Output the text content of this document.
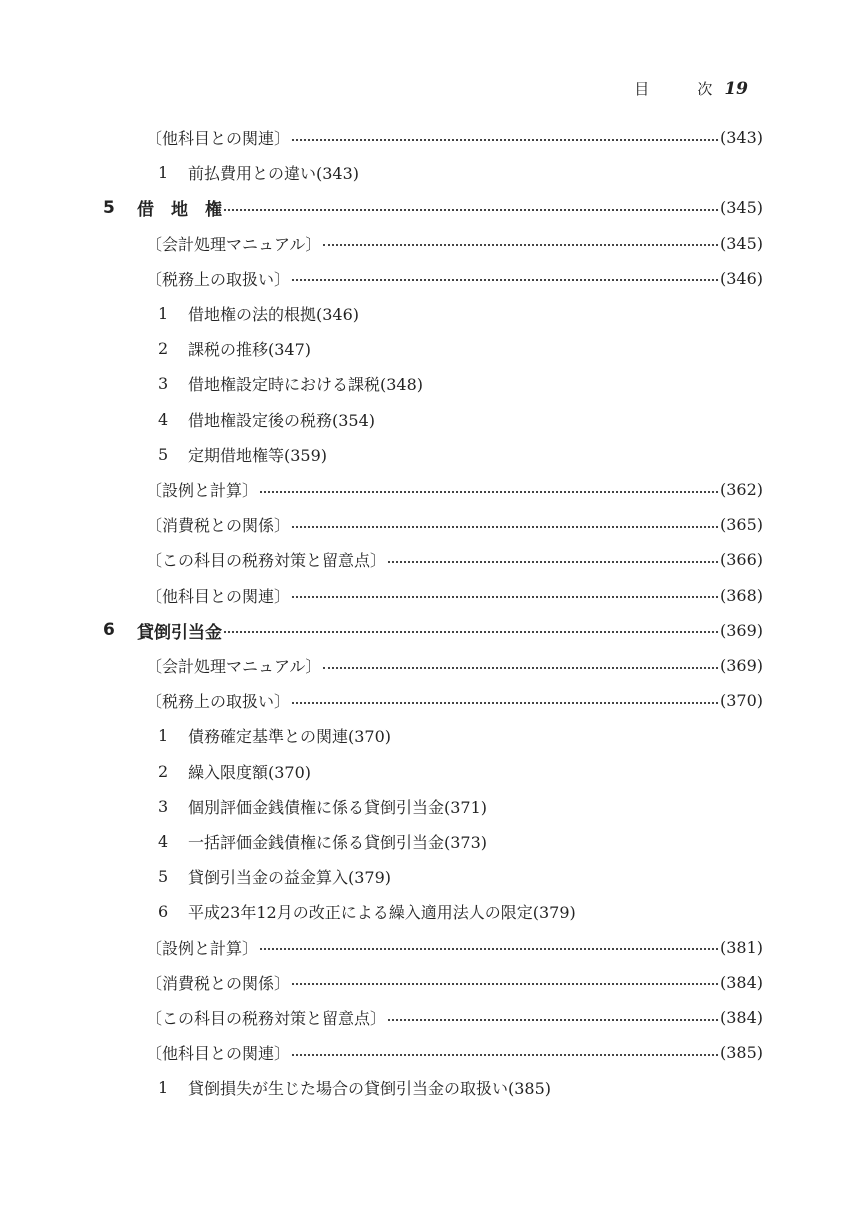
目	次 19
〔他科目との関連〕	(343)
1	前払費用との違い(343)
5	借　地　権	(345)
〔会計処理マニュアル〕	(345)
〔税務上の取扱い〕	(346)
1	借地権の法的根拠(346)
2	課税の推移(347)
3	借地権設定時における課税(348)
4	借地権設定後の税務(354)
5	定期借地権等(359)
〔設例と計算〕	(362)
〔消費税との関係〕	(365)
〔この科目の税務対策と留意点〕	(366)
〔他科目との関連〕	(368)
6	貸倒引当金	(369)
〔会計処理マニュアル〕	(369)
〔税務上の取扱い〕	(370)
1	債務確定基準との関連(370)
2	繰入限度額(370)
3	個別評価金銭債権に係る貸倒引当金(371)
4	一括評価金銭債権に係る貸倒引当金(373)
5	貸倒引当金の益金算入(379)
6	平成23年12月の改正による繰入適用法人の限定(379)
〔設例と計算〕	(381)
〔消費税との関係〕	(384)
〔この科目の税務対策と留意点〕	(384)
〔他科目との関連〕	(385)
1	貸倒損失が生じた場合の貸倒引当金の取扱い(385)
